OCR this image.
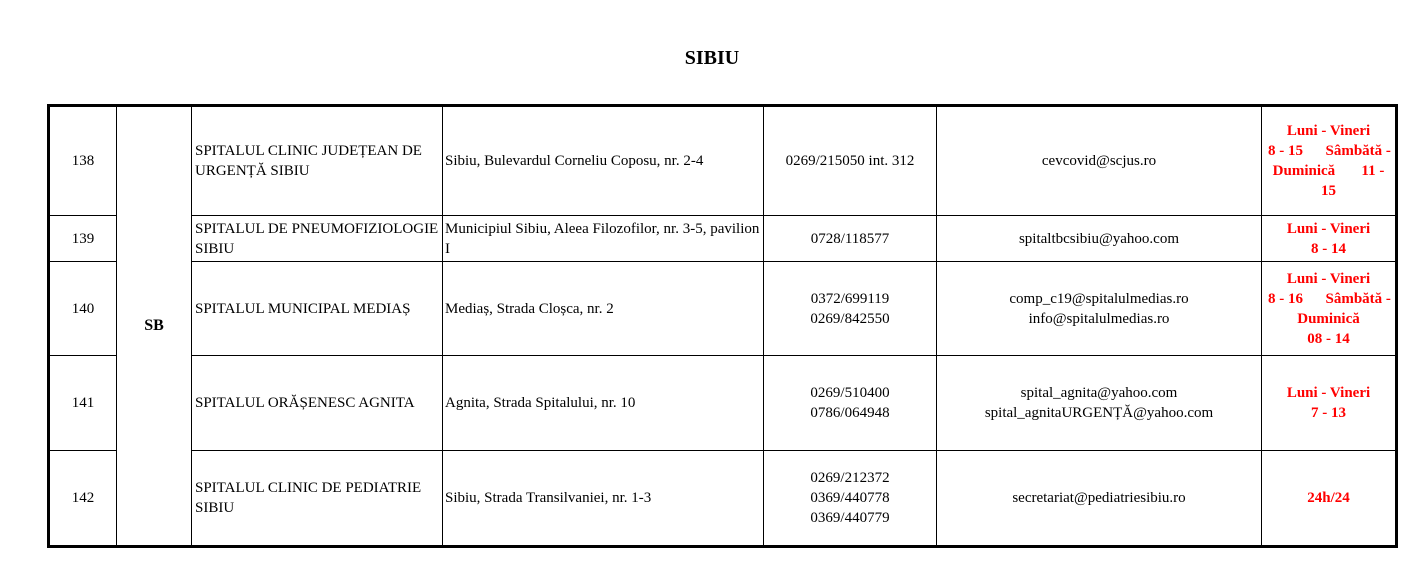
SIBIU
138	SB	SPITALUL CLINIC JUDEȚEAN DE URGENȚĂ SIBIU	Sibiu, Bulevardul Corneliu Coposu, nr. 2-4	0269/215050 int. 312	cevcovid@scjus.ro	Luni - Vineri
8 - 15      Sâmbătă -
Duminică       11 -
15

139		SPITALUL DE PNEUMOFIZIOLOGIE SIBIU	Municipiul Sibiu, Aleea Filozofilor, nr. 3-5, pavilion I	0728/118577	spitaltbcsibiu@yahoo.com	Luni - Vineri
8 - 14

140		SPITALUL MUNICIPAL MEDIAȘ	Mediaș, Strada Cloșca, nr. 2	0372/699119
0269/842550	comp_c19@spitalulmedias.ro
info@spitalulmedias.ro	Luni - Vineri
8 - 16      Sâmbătă -
Duminică
08 - 14

141		SPITALUL ORĂȘENESC AGNITA	Agnita, Strada Spitalului, nr. 10	0269/510400
0786/064948	spital_agnita@yahoo.com
spital_agnitaURGENȚĂ@yahoo.com	Luni - Vineri
7 - 13

142		SPITALUL CLINIC DE PEDIATRIE SIBIU	Sibiu, Strada Transilvaniei, nr. 1-3	0269/212372
0369/440778
0369/440779	secretariat@pediatriesibiu.ro	24h/24
